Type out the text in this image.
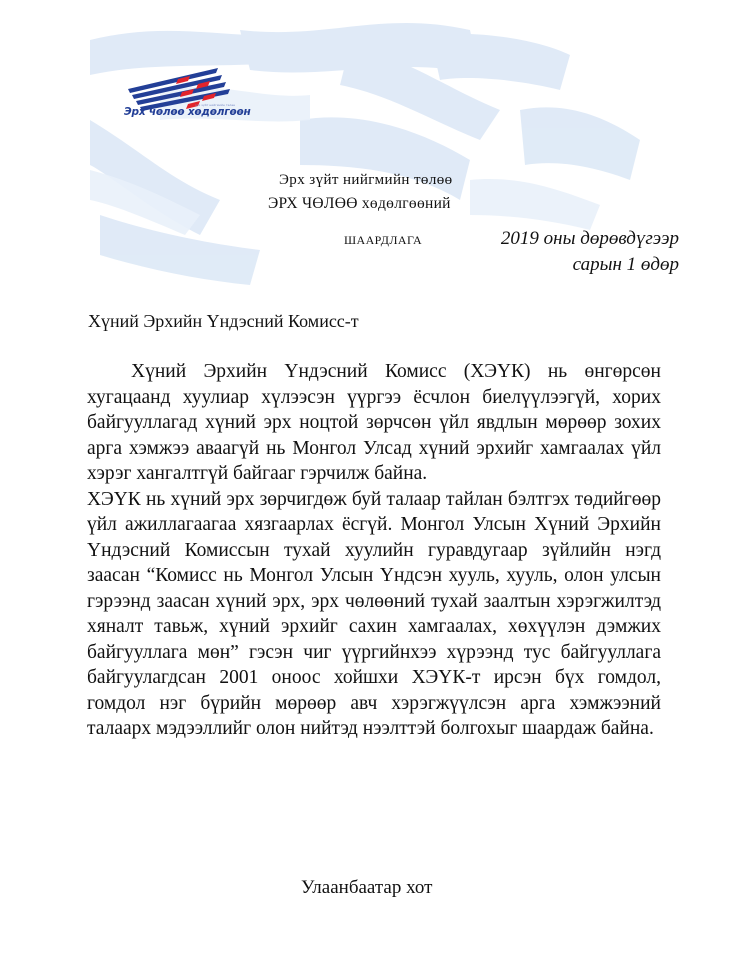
Эрх чөлөө хөдөлгөөн
эрх зүйт нийгмийн төлөө
Эрх зүйт нийгмийн төлөө
ЭРХ ЧӨЛӨӨ хөдөлгөөний
ШААРДЛАГА	2019 оны дөрөвдүгээр
сарын 1 өдөр
Хүний Эрхийн Үндэсний Комисс-т

Хүний Эрхийн Үндэсний Комисс (ХЭҮК) нь өнгөрсөн хугацаанд хуулиар хүлээсэн үүргээ ёсчлон биелүүлээгүй, хорих байгууллагад хүний эрх ноцтой зөрчсөн үйл явдлын мөрөөр зохих арга хэмжээ аваагүй нь Монгол Улсад хүний эрхийг хамгаалах үйл хэрэг хангалтгүй байгааг гэрчилж байна.

ХЭҮК нь хүний эрх зөрчигдөж буй талаар тайлан бэлтгэх төдийгөөр үйл ажиллагаагаа хязгаарлах ёсгүй. Монгол Улсын Хүний Эрхийн Үндэсний Комиссын тухай хуулийн гуравдугаар зүйлийн нэгд заасан “Комисс нь Монгол Улсын Үндсэн хууль, хууль, олон улсын гэрээнд заасан хүний эрх, эрх чөлөөний тухай заалтын хэрэгжилтэд хяналт тавьж, хүний эрхийг сахин хамгаалах, хөхүүлэн дэмжих байгууллага мөн” гэсэн чиг үүргийнхээ хүрээнд тус байгууллага байгуулагдсан 2001 оноос хойшхи ХЭҮК-т ирсэн бүх гомдол, гомдол нэг бүрийн мөрөөр авч хэрэгжүүлсэн арга хэмжээний талаарх мэдээллийг олон нийтэд нээлттэй болгохыг шаардаж байна.

Улаанбаатар хот
